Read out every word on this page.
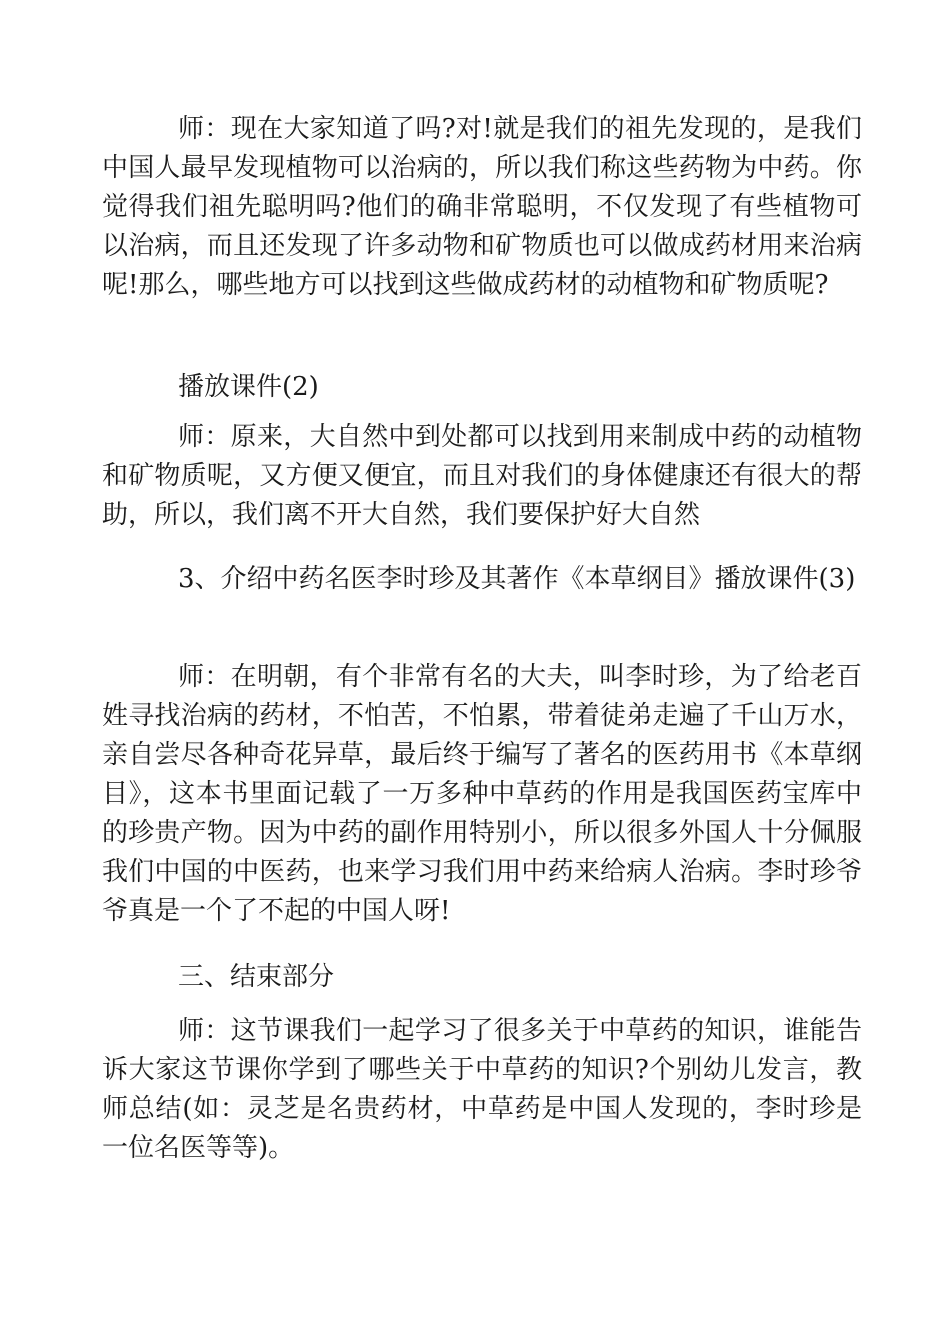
师：现在大家知道了吗?对!就是我们的祖先发现的，是我们中国人最早发现植物可以治病的，所以我们称这些药物为中药。你觉得我们祖先聪明吗?他们的确非常聪明，不仅发现了有些植物可以治病，而且还发现了许多动物和矿物质也可以做成药材用来治病呢!那么，哪些地方可以找到这些做成药材的动植物和矿物质呢?

播放课件(2)

师：原来，大自然中到处都可以找到用来制成中药的动植物和矿物质呢，又方便又便宜，而且对我们的身体健康还有很大的帮助，所以，我们离不开大自然，我们要保护好大自然

3、介绍中药名医李时珍及其著作《本草纲目》播放课件(3)

师：在明朝，有个非常有名的大夫，叫李时珍，为了给老百姓寻找治病的药材，不怕苦，不怕累，带着徒弟走遍了千山万水，亲自尝尽各种奇花异草，最后终于编写了著名的医药用书《本草纲目》，这本书里面记载了一万多种中草药的作用是我国医药宝库中的珍贵产物。因为中药的副作用特别小，所以很多外国人十分佩服我们中国的中医药，也来学习我们用中药来给病人治病。李时珍爷爷真是一个了不起的中国人呀!

三、结束部分

师：这节课我们一起学习了很多关于中草药的知识，谁能告诉大家这节课你学到了哪些关于中草药的知识?个别幼儿发言，教师总结(如：灵芝是名贵药材，中草药是中国人发现的，李时珍是一位名医等等)。
